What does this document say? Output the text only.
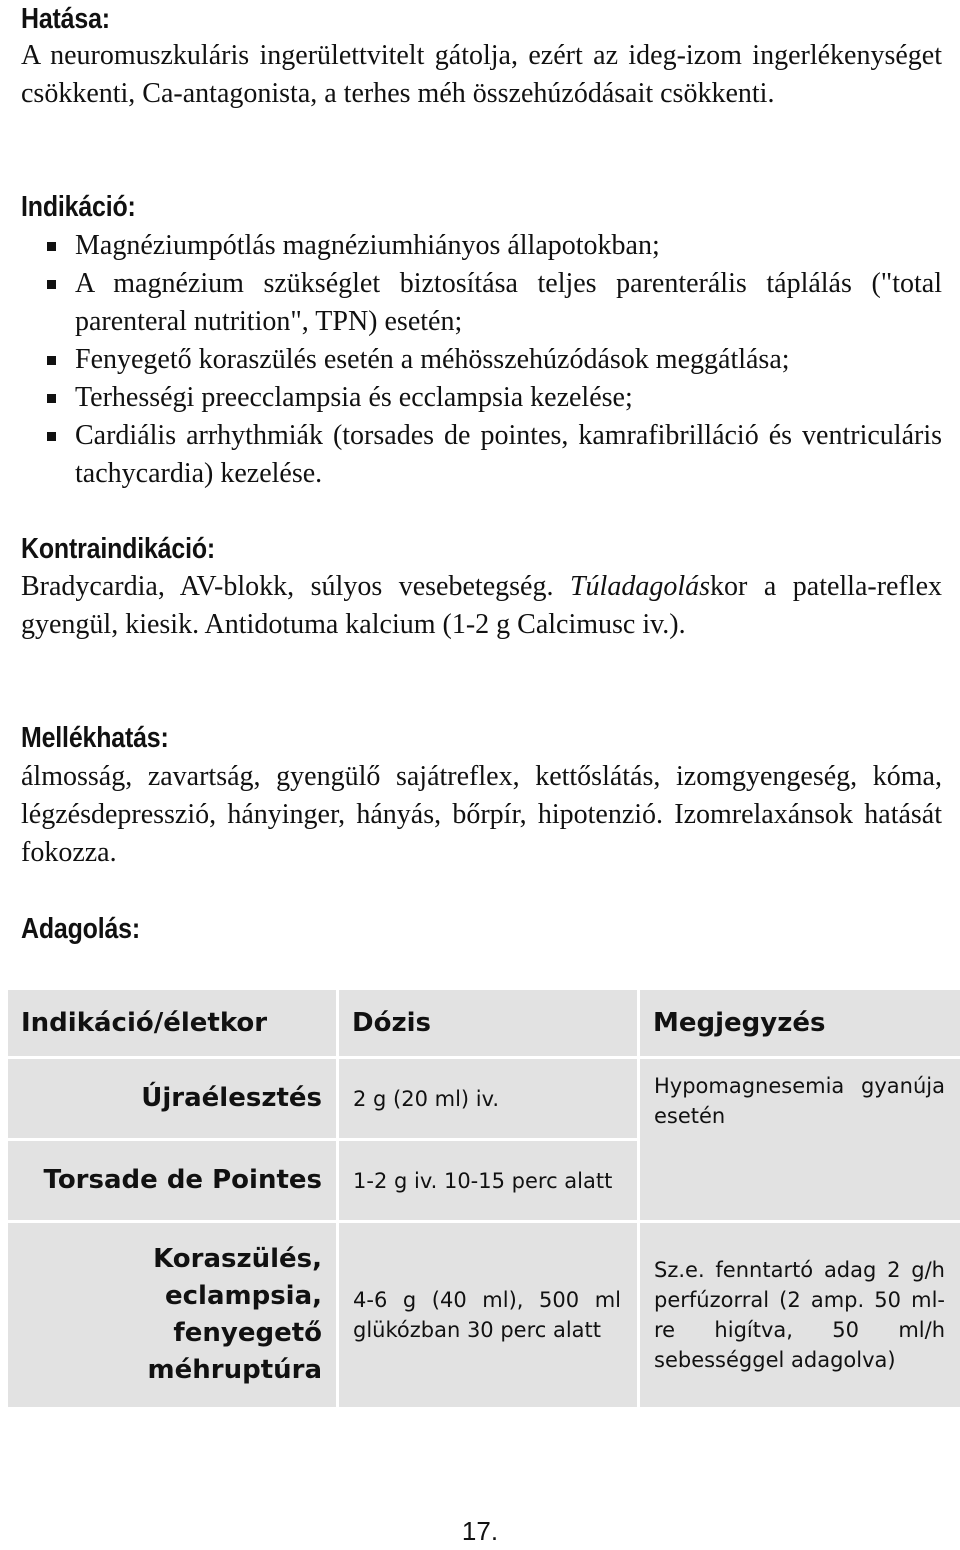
Hatása:

A neuromuszkuláris ingerülettvitelt gátolja, ezért az ideg-izom ingerlékenységet csökkenti, Ca-antagonista, a terhes méh összehúzódásait csökkenti.

Indikáció:
Magnéziumpótlás magnéziumhiányos állapotokban;
A magnézium szükséglet biztosítása teljes parenterális táplálás ("total parenteral nutrition", TPN) esetén;
Fenyegető koraszülés esetén a méhösszehúzódások meggátlása;
Terhességi preecclampsia és ecclampsia kezelése;
Cardiális arrhythmiák (torsades de pointes, kamrafibrilláció és ventriculáris tachycardia) kezelése.
Kontraindikáció:

Bradycardia, AV-blokk, súlyos vesebetegség. Túladagoláskor a patella-reflex gyengül, kiesik. Antidotuma kalcium (1-2 g Calcimusc iv.).

Mellékhatás:

álmosság, zavartság, gyengülő sajátreflex, kettőslátás, izomgyengeség, kóma, légzésdepresszió, hányinger, hányás, bőrpír, hipotenzió. Izomrelaxánsok hatását fokozza.

Adagolás:
Indikáció/életkor	Dózis	Megjegyzés
Újraélesztés	2 g (20 ml) iv.	Hypomagnesemia gyanúja esetén
Torsade de Pointes	1-2 g iv. 10-15 perc alatt	
Koraszülés, eclampsia, fenyegető méhruptúra	4-6 g (40 ml), 500 ml glükózban 30 perc alatt	Sz.e. fenntartó adag 2 g/h perfúzorral (2 amp. 50 ml-re higítva, 50 ml/h sebességgel adagolva)
17.
